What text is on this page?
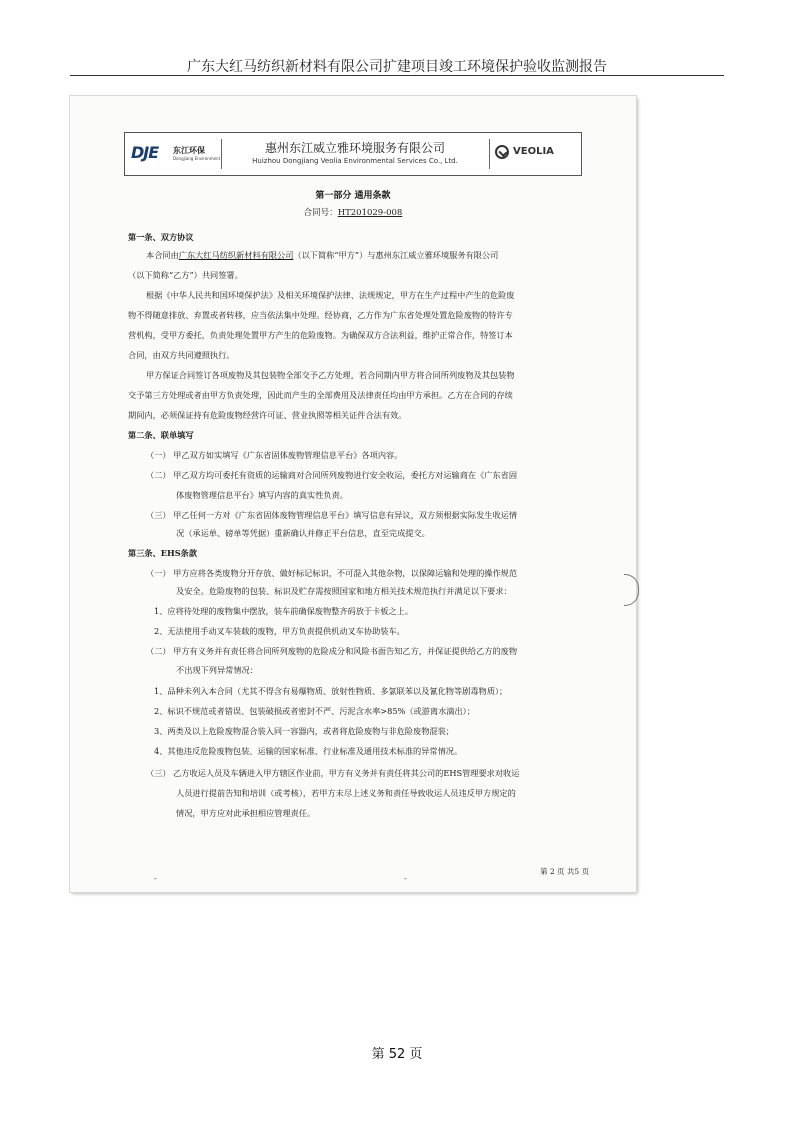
广东大红马纺织新材料有限公司扩建项目竣工环境保护验收监测报告
DJE 东江环保
Dongjiang Environment
惠州东江威立雅环境服务有限公司
Huizhou Dongjiang Veolia Environmental Services Co., Ltd.
VEOLIA
第一部分 通用条款
合同号：HT201029-008
第一条、双方协议
本合同由广东大红马纺织新材料有限公司（以下简称“甲方”）与惠州东江威立雅环境服务有限公司
（以下简称“乙方”）共同签署。
根据《中华人民共和国环境保护法》及相关环境保护法律、法规规定，甲方在生产过程中产生的危险废
物不得随意排放、弃置或者转移，应当依法集中处理。经协商，乙方作为广东省处理处置危险废物的特许专
营机构，受甲方委托，负责处理处置甲方产生的危险废物。为确保双方合法利益，维护正常合作，特签订本
合同，由双方共同遵照执行。
甲方保证合同签订各项废物及其包装物全部交予乙方处理，若合同期内甲方将合同所列废物及其包装物
交予第三方处理或者由甲方负责处理，因此而产生的全部费用及法律责任均由甲方承担。乙方在合同的存续
期间内，必须保证持有危险废物经营许可证、营业执照等相关证件合法有效。
第二条、联单填写
（一） 甲乙双方如实填写《广东省固体废物管理信息平台》各项内容。
（二） 甲乙双方均可委托有资质的运输商对合同所列废物进行安全收运，委托方对运输商在《广东省固
体废物管理信息平台》填写内容的真实性负责。
（三） 甲乙任何一方对《广东省固体废物管理信息平台》填写信息有异议，双方须根据实际发生收运情
况（承运单、磅单等凭据）重新确认并修正平台信息，直至完成提交。
第三条、EHS条款
（一） 甲方应将各类废物分开存放、做好标记标识，不可混入其他杂物，以保障运输和处理的操作规范
及安全。危险废物的包装、标识及贮存需按照国家和地方相关技术规范执行并满足以下要求：
1、应将待处理的废物集中摆放，装车前确保废物整齐码放于卡板之上。
2、无法使用手动叉车装载的废物，甲方负责提供机动叉车协助装车。
（二） 甲方有义务并有责任将合同所列废物的危险成分和风险书面告知乙方，并保证提供给乙方的废物
不出现下列异常情况：
1、品种未列入本合同（尤其不得含有易爆物质、放射性物质、多氯联苯以及氰化物等剧毒物质）；
2、标识不规范或者错误、包装破损或者密封不严、污泥含水率>85%（或游离水滴出）；
3、两类及以上危险废物混合装入同一容器内，或者将危险废物与非危险废物混装；
4、其他违反危险废物包装、运输的国家标准、行业标准及通用技术标准的异常情况。
（三） 乙方收运人员及车辆进入甲方辖区作业前，甲方有义务并有责任将其公司的EHS管理要求对收运
人员进行提前告知和培训（或考核），若甲方未尽上述义务和责任导致收运人员违反甲方规定的
情况，甲方应对此承担相应管理责任。
第 2 页 共5 页
-	-
第 52 页
